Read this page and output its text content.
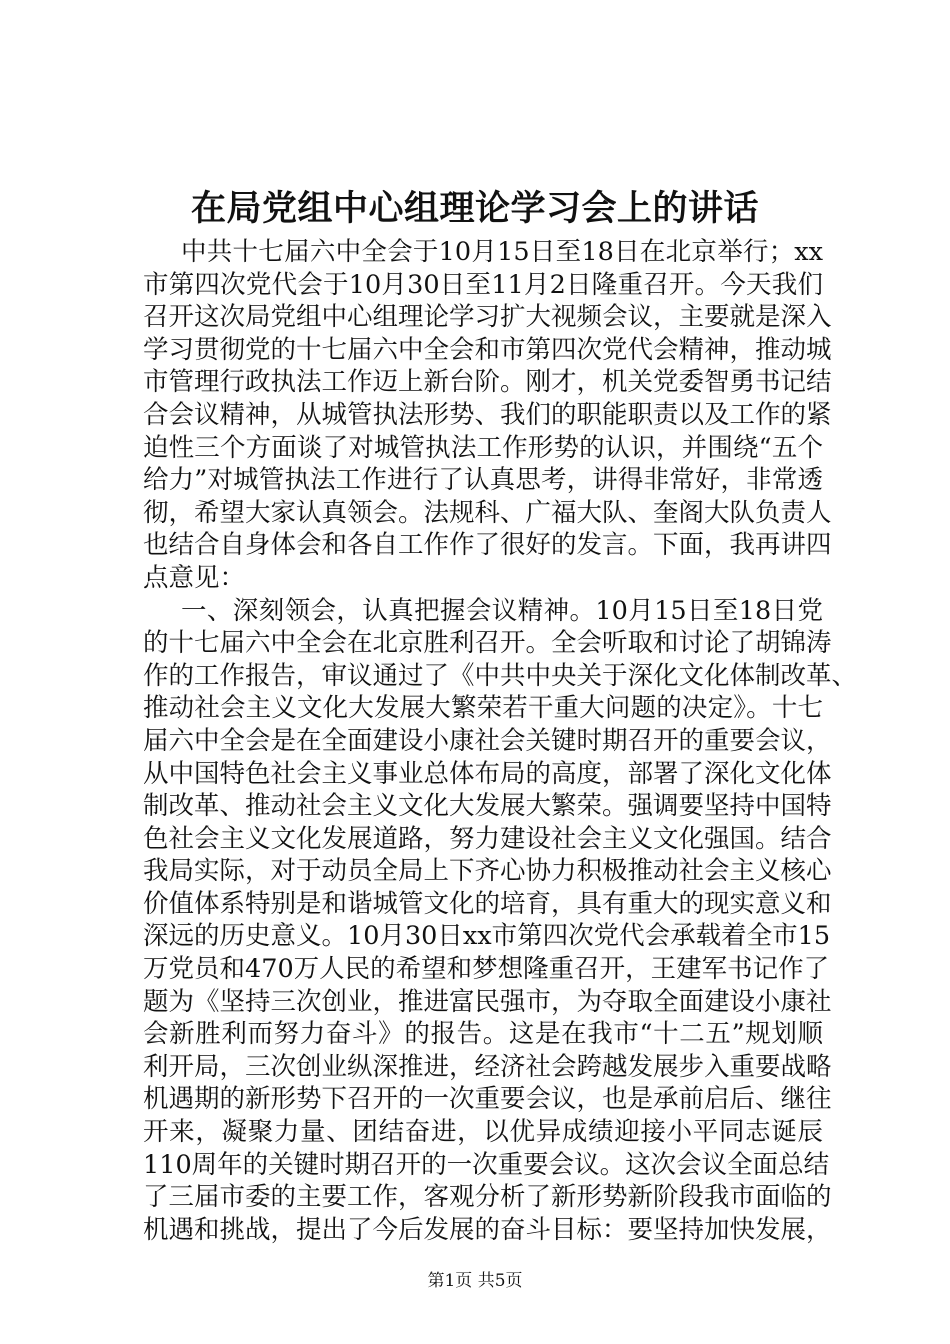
在局党组中心组理论学习会上的讲话
中共十七届六中全会于10月15日至18日在北京举行；xx
市第四次党代会于10月30日至11月2日隆重召开。今天我们
召开这次局党组中心组理论学习扩大视频会议，主要就是深入
学习贯彻党的十七届六中全会和市第四次党代会精神，推动城
市管理行政执法工作迈上新台阶。刚才，机关党委智勇书记结
合会议精神，从城管执法形势、我们的职能职责以及工作的紧
迫性三个方面谈了对城管执法工作形势的认识，并围绕“五个
给力”对城管执法工作进行了认真思考，讲得非常好，非常透
彻，希望大家认真领会。法规科、广福大队、奎阁大队负责人
也结合自身体会和各自工作作了很好的发言。下面，我再讲四
点意见：
一、深刻领会，认真把握会议精神。10月15日至18日党
的十七届六中全会在北京胜利召开。全会听取和讨论了胡锦涛
作的工作报告，审议通过了《中共中央关于深化文化体制改革、
推动社会主义文化大发展大繁荣若干重大问题的决定》。十七
届六中全会是在全面建设小康社会关键时期召开的重要会议，
从中国特色社会主义事业总体布局的高度，部署了深化文化体
制改革、推动社会主义文化大发展大繁荣。强调要坚持中国特
色社会主义文化发展道路，努力建设社会主义文化强国。结合
我局实际，对于动员全局上下齐心协力积极推动社会主义核心
价值体系特别是和谐城管文化的培育，具有重大的现实意义和
深远的历史意义。10月30日xx市第四次党代会承载着全市15
万党员和470万人民的希望和梦想隆重召开，王建军书记作了
题为《坚持三次创业，推进富民强市，为夺取全面建设小康社
会新胜利而努力奋斗》的报告。这是在我市“十二五”规划顺
利开局，三次创业纵深推进，经济社会跨越发展步入重要战略
机遇期的新形势下召开的一次重要会议，也是承前启后、继往
开来，凝聚力量、团结奋进，以优异成绩迎接小平同志诞辰
110周年的关键时期召开的一次重要会议。这次会议全面总结
了三届市委的主要工作，客观分析了新形势新阶段我市面临的
机遇和挑战，提出了今后发展的奋斗目标：要坚持加快发展，
第1页 共5页
